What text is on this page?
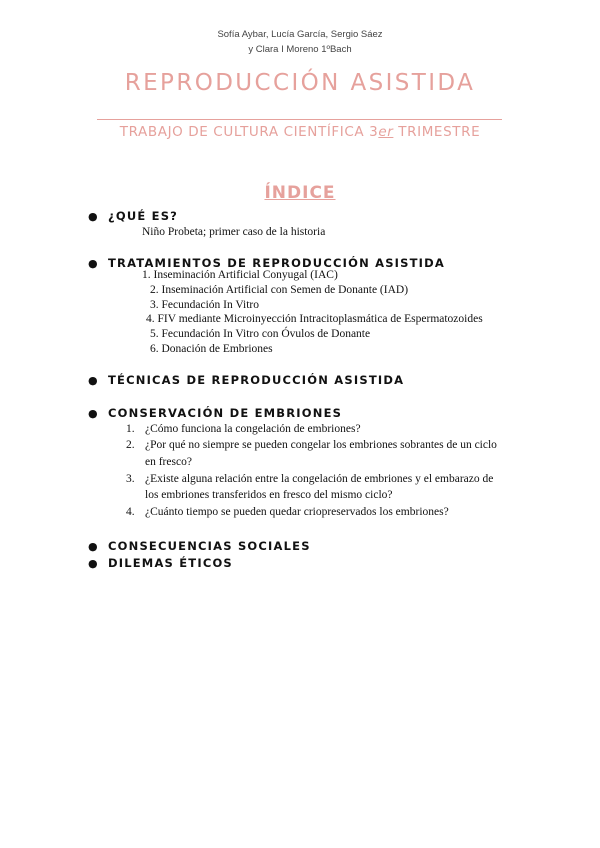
Sofía Aybar, Lucía García, Sergio Sáez
y Clara I Moreno 1ºBach
REPRODUCCIÓN ASISTIDA
TRABAJO DE CULTURA CIENTÍFICA 3er TRIMESTRE
ÍNDICE
● ¿QUÉ ES?
Niño Probeta; primer caso de la historia
● TRATAMIENTOS DE REPRODUCCIÓN ASISTIDA
1. Inseminación Artificial Conyugal (IAC)
2. Inseminación Artificial con Semen de Donante (IAD)
3. Fecundación In Vitro
4. FIV mediante Microinyección Intracitoplasmática de Espermatozoides
5. Fecundación In Vitro con Óvulos de Donante
6. Donación de Embriones
● TÉCNICAS DE REPRODUCCIÓN ASISTIDA
● CONSERVACIÓN DE EMBRIONES
1. ¿Cómo funciona la congelación de embriones?
2. ¿Por qué no siempre se pueden congelar los embriones sobrantes de un ciclo
en fresco?
3. ¿Existe alguna relación entre la congelación de embriones y el embarazo de
los embriones transferidos en fresco del mismo ciclo?
4. ¿Cuánto tiempo se pueden quedar criopreservados los embriones?
● CONSECUENCIAS SOCIALES
● DILEMAS ÉTICOS
